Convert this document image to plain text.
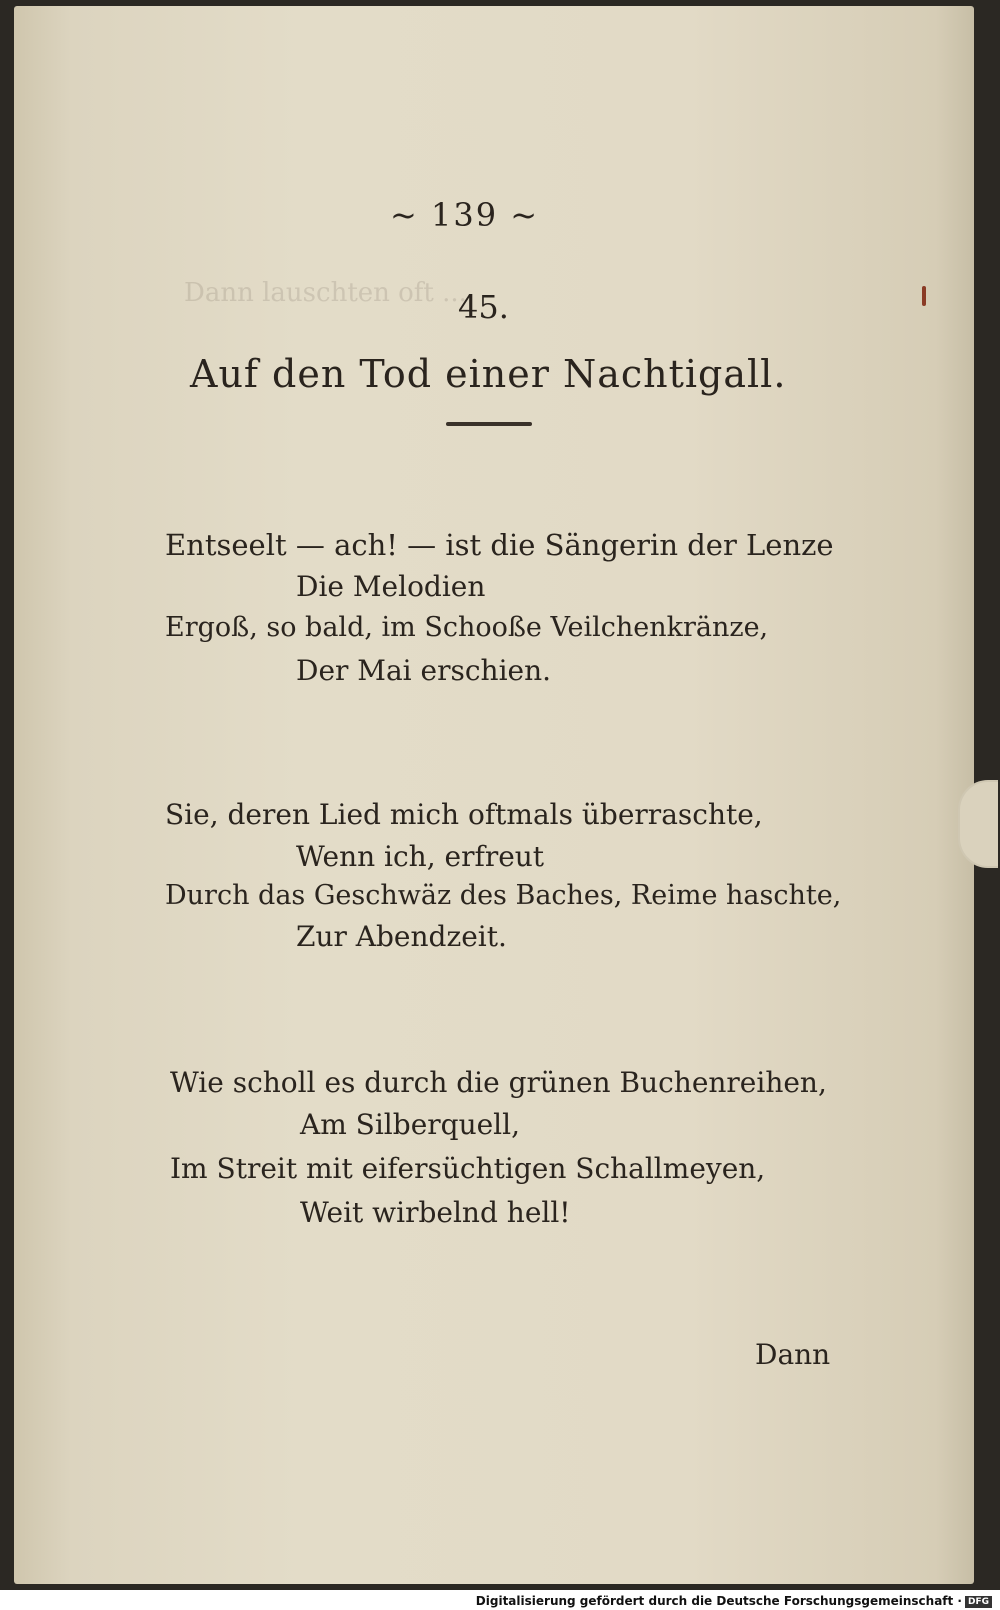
Dann lauschten oft ...
~ 139 ~
45.
Auf den Tod einer Nachtigall.
Entseelt — ach! — ist die Sängerin der Lenze
Die Melodien
Ergoß, so bald, im Schooße Veilchenkränze,
Der Mai erschien.
Sie, deren Lied mich oftmals überraschte,
Wenn ich, erfreut
Durch das Geschwäz des Baches, Reime haschte,
Zur Abendzeit.
Wie scholl es durch die grünen Buchenreihen,
Am Silberquell,
Im Streit mit eifersüchtigen Schallmeyen,
Weit wirbelnd hell!
Dann
Digitalisierung gefördert durch die Deutsche Forschungsgemeinschaft · DFG
